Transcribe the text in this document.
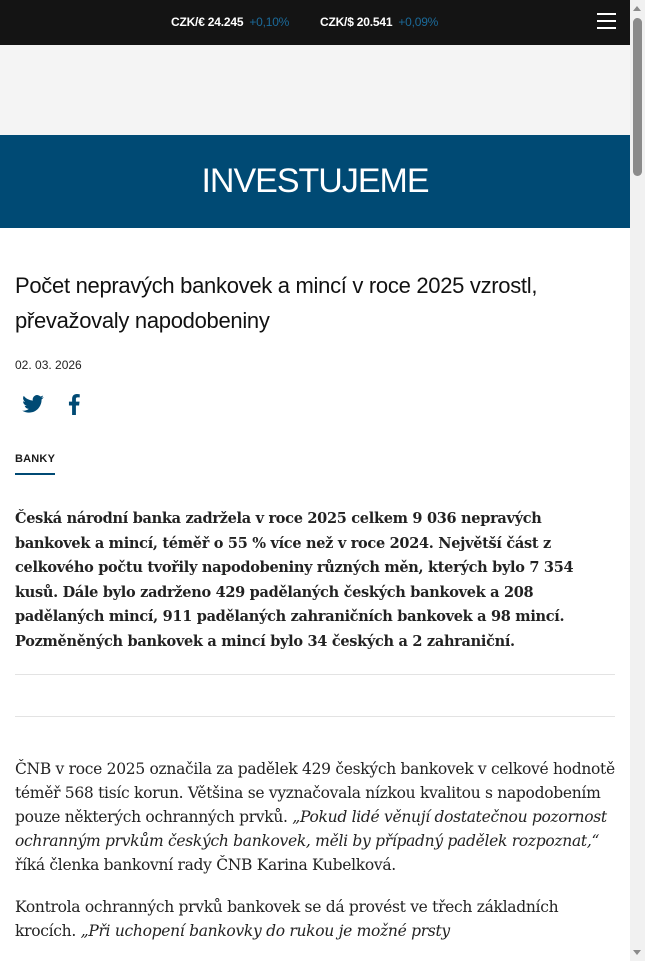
CZK/€ 24.245 +0,10%	CZK/$ 20.541 +0,09%
INVESTUJEME
Počet nepravých bankovek a mincí v roce 2025 vzrostl, převažovaly napodobeniny
02. 03. 2026
BANKY

Česká národní banka zadržela v roce 2025 celkem 9 036 nepravých bankovek a mincí, téměř o 55 % více než v roce 2024. Největší část z celkového počtu tvořily napodobeniny různých měn, kterých bylo 7 354 kusů. Dále bylo zadrženo 429 padělaných českých bankovek a 208 padělaných mincí, 911 padělaných zahraničních bankovek a 98 mincí. Pozměněných bankovek a mincí bylo 34 českých a 2 zahraniční.

ČNB v roce 2025 označila za padělek 429 českých bankovek v celkové hodnotě téměř 568 tisíc korun. Většina se vyznačovala nízkou kvalitou s napodobením pouze některých ochranných prvků. „Pokud lidé věnují dostatečnou pozornost ochranným prvkům českých bankovek, měli by případný padělek rozpoznat,“ říká členka bankovní rady ČNB Karina Kubelková.

Kontrola ochranných prvků bankovek se dá provést ve třech základních krocích. „Při uchopení bankovky do rukou je možné prsty
